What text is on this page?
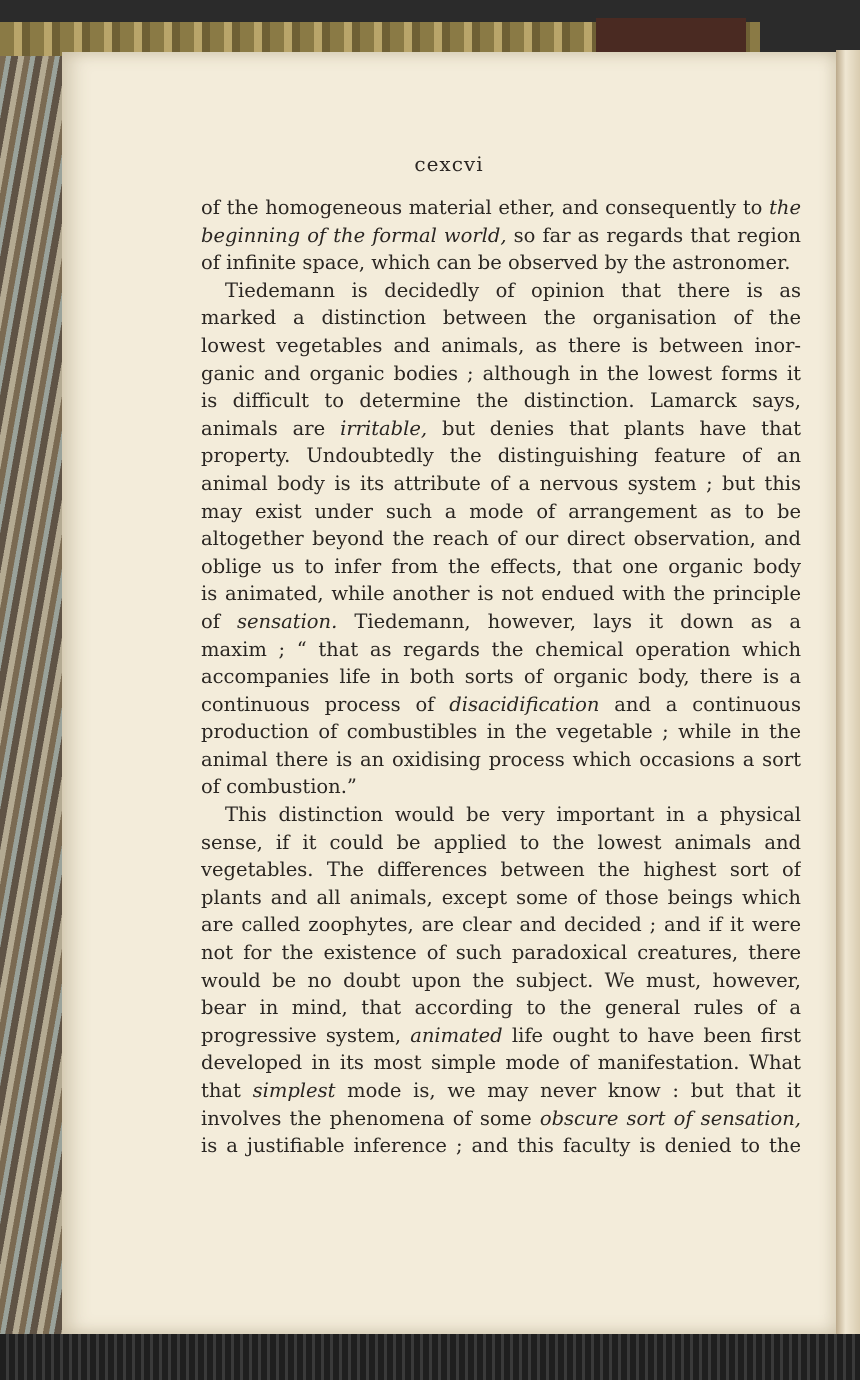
cexcvi
of the homogeneous material ether, and consequently to the
beginning of the formal world, so far as regards that region
of infinite space, which can be observed by the astronomer.
Tiedemann is decidedly of opinion that there is as
marked a distinction between the organisation of the
lowest vegetables and animals, as there is between inor-
ganic and organic bodies ; although in the lowest forms it
is difficult to determine the distinction. Lamarck says,
animals are irritable, but denies that plants have that
property. Undoubtedly the distinguishing feature of an
animal body is its attribute of a nervous system ; but this
may exist under such a mode of arrangement as to be
altogether beyond the reach of our direct observation, and
oblige us to infer from the effects, that one organic body
is animated, while another is not endued with the principle
of sensation. Tiedemann, however, lays it down as a
maxim ; “ that as regards the chemical operation which
accompanies life in both sorts of organic body, there is a
continuous process of disacidification and a continuous
production of combustibles in the vegetable ; while in the
animal there is an oxidising process which occasions a sort
of combustion.”
This distinction would be very important in a physical
sense, if it could be applied to the lowest animals and
vegetables. The differences between the highest sort of
plants and all animals, except some of those beings which
are called zoophytes, are clear and decided ; and if it were
not for the existence of such paradoxical creatures, there
would be no doubt upon the subject. We must, however,
bear in mind, that according to the general rules of a
progressive system, animated life ought to have been first
developed in its most simple mode of manifestation. What
that simplest mode is, we may never know : but that it
involves the phenomena of some obscure sort of sensation,
is a justifiable inference ; and this faculty is denied to the
